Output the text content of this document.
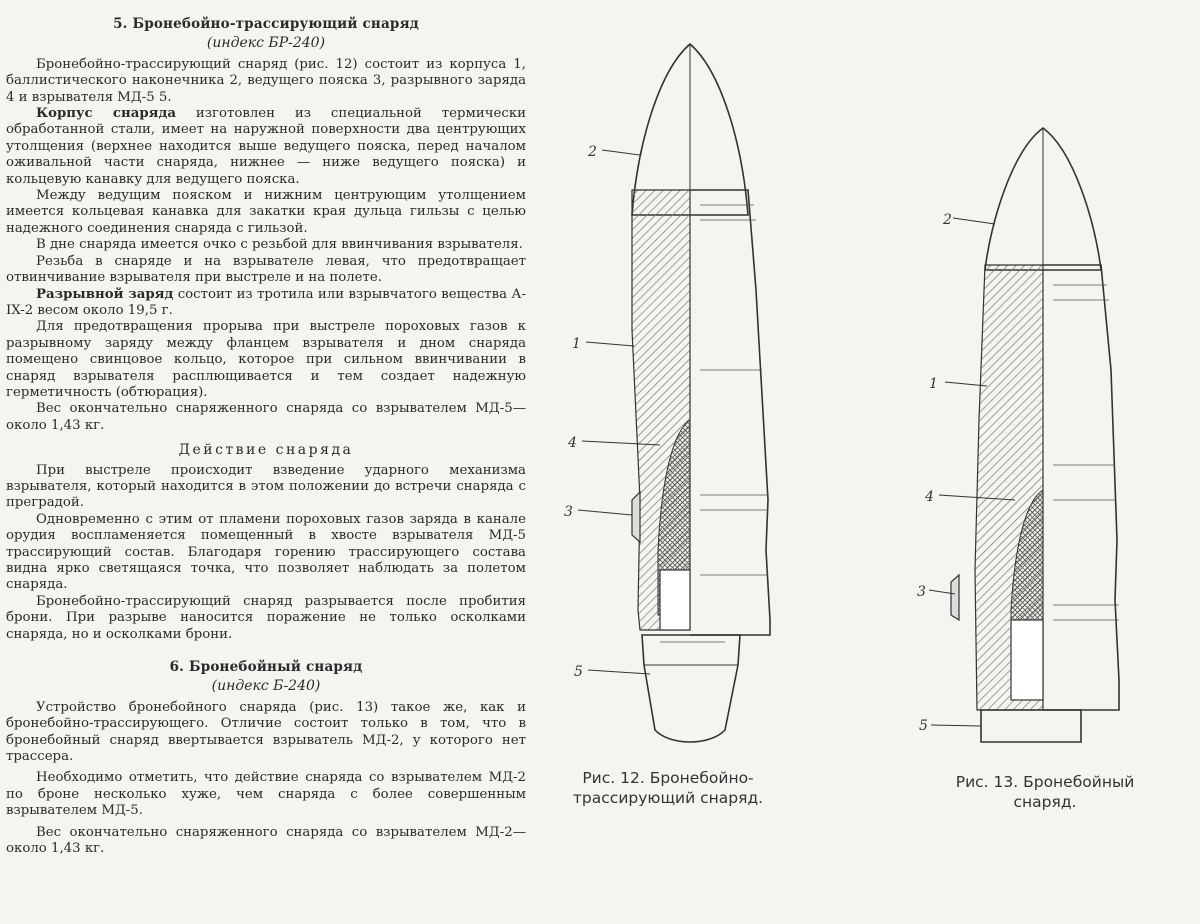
5. Бронебойно-трассирующий снаряд
(индекс БР-240)

Бронебойно-трассирующий снаряд (рис. 12) состоит из корпуса 1, баллистического наконечника 2, ведущего пояска 3, разрывного заряда 4 и взрывателя МД-5 5.

Корпус снаряда изготовлен из специальной термически обработанной стали, имеет на наружной поверхности два центрующих утолщения (верхнее находится выше ведущего пояска, перед началом оживальной части снаряда, нижнее — ниже ведущего пояска) и кольцевую канавку для ведущего пояска.

Между ведущим пояском и нижним центрующим утолщением имеется кольцевая канавка для закатки края дульца гильзы с целью надежного соединения снаряда с гильзой.

В дне снаряда имеется очко с резьбой для ввинчивания взрывателя.

Резьба в снаряде и на взрывателе левая, что предотвращает отвинчивание взрывателя при выстреле и на полете.

Разрывной заряд состоит из тротила или взрывчатого вещества А-IX-2 весом около 19,5 г.

Для предотвращения прорыва при выстреле пороховых газов к разрывному заряду между фланцем взрывателя и дном снаряда помещено свинцовое кольцо, которое при сильном ввинчивании в снаряд взрывателя расплющивается и тем создает надежную герметичность (обтюрация).

Вес окончательно снаряженного снаряда со взрывателем МД-5— около 1,43 кг.

Действие снаряда

При выстреле происходит взведение ударного механизма взрывателя, который находится в этом положении до встречи снаряда с преградой.

Одновременно с этим от пламени пороховых газов заряда в канале орудия воспламеняется помещенный в хвосте взрывателя МД-5 трассирующий состав. Благодаря горению трассирующего состава видна ярко светящаяся точка, что позволяет наблюдать за полетом снаряда.

Бронебойно-трассирующий снаряд разрывается после пробития брони. При разрыве наносится поражение не только осколками снаряда, но и осколками брони.

6. Бронебойный снаряд
(индекс Б-240)

Устройство бронебойного снаряда (рис. 13) такое же, как и бронебойно-трассирующего. Отличие состоит только в том, что в бронебойный снаряд ввертывается взрыватель МД-2, у которого нет трассера.

Необходимо отметить, что действие снаряда со взрывателем МД-2 по броне несколько хуже, чем снаряда с более совершенным взрывателем МД-5.

Вес окончательно снаряженного снаряда со взрывателем МД-2— около 1,43 кг.

2
1
4
3
5
Рис. 12. Бронебойно-
трассирующий снаряд.
2
1
4
3
5
Рис. 13. Бронебойный
снаряд.
